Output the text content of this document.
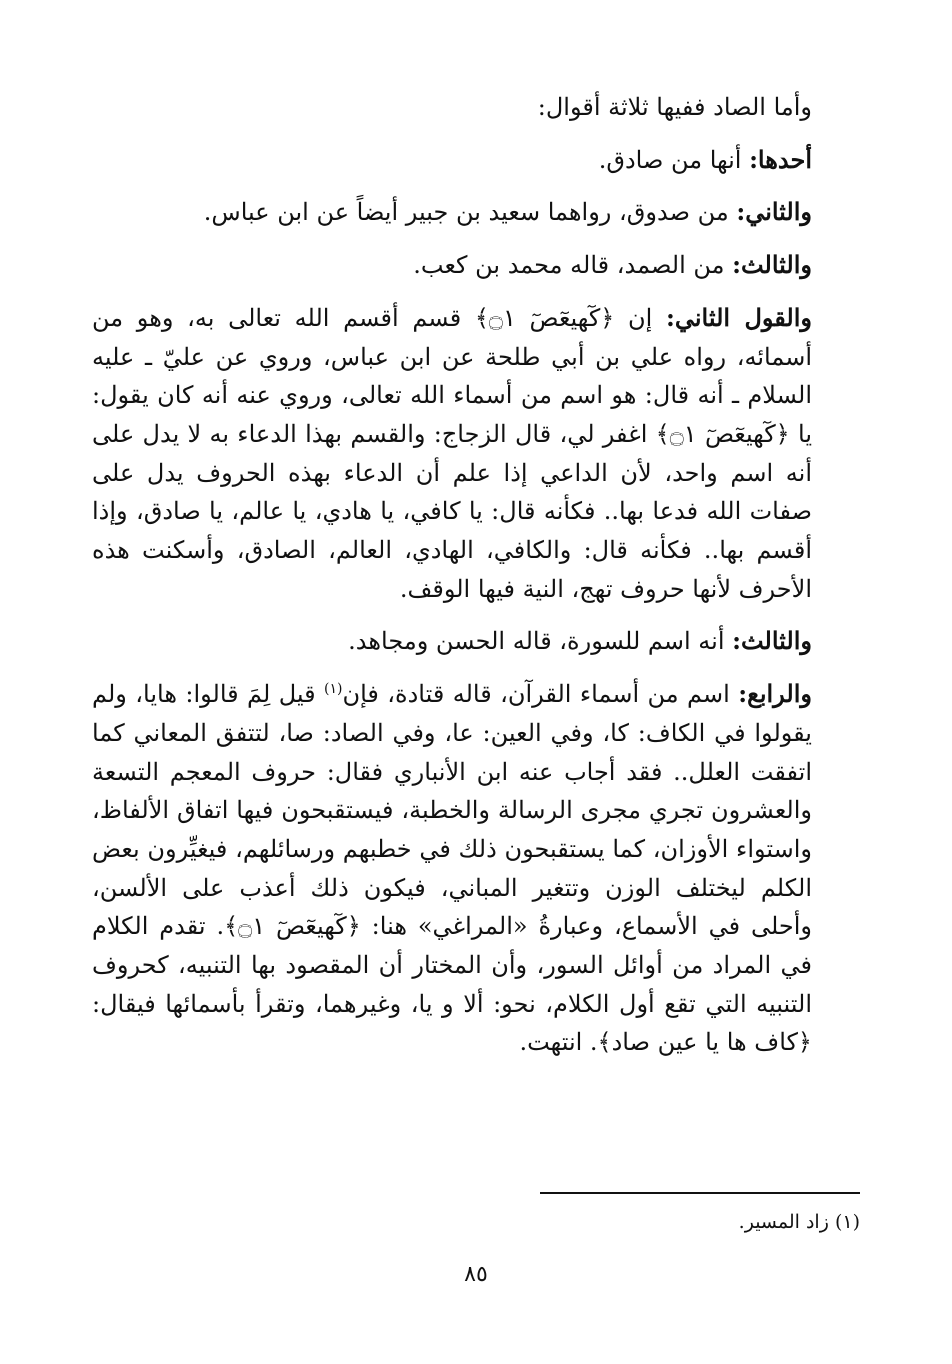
وأما الصاد ففيها ثلاثة أقوال:

أحدها: أنها من صادق.

والثاني: من صدوق، رواهما سعيد بن جبير أيضاً عن ابن عباس.

والثالث: من الصمد، قاله محمد بن كعب.

والقول الثاني: إن ﴿كٓهيعٓصٓ ۝١﴾ قسم أقسم الله تعالى به، وهو من أسمائه، رواه علي بن أبي طلحة عن ابن عباس، وروي عن عليّ ـ عليه السلام ـ أنه قال: هو اسم من أسماء الله تعالى، وروي عنه أنه كان يقول: يا ﴿كٓهيعٓصٓ ۝١﴾ اغفر لي، قال الزجاج: والقسم بهذا الدعاء به لا يدل على أنه اسم واحد، لأن الداعي إذا علم أن الدعاء بهذه الحروف يدل على صفات الله فدعا بها.. فكأنه قال: يا كافي، يا هادي، يا عالم، يا صادق، وإذا أقسم بها.. فكأنه قال: والكافي، الهادي، العالم، الصادق، وأسكنت هذه الأحرف لأنها حروف تهج، النية فيها الوقف.

والثالث: أنه اسم للسورة، قاله الحسن ومجاهد.

والرابع: اسم من أسماء القرآن، قاله قتادة، فإن$^{(١)}$ قيل لِمَ قالوا: هايا، ولم يقولوا في الكاف: كا، وفي العين: عا، وفي الصاد: صا، لتتفق المعاني كما اتفقت العلل.. فقد أجاب عنه ابن الأنباري فقال: حروف المعجم التسعة والعشرون تجري مجرى الرسالة والخطبة، فيستقبحون فيها اتفاق الألفاظ، واستواء الأوزان، كما يستقبحون ذلك في خطبهم ورسائلهم، فيغيِّرون بعض الكلم ليختلف الوزن وتتغير المباني، فيكون ذلك أعذب على الألسن، وأحلى في الأسماع، وعبارةُ «المراغي» هنا: ﴿كٓهيعٓصٓ ۝١﴾. تقدم الكلام في المراد من أوائل السور، وأن المختار أن المقصود بها التنبيه، كحروف التنبيه التي تقع أول الكلام، نحو: ألا و يا، وغيرهما، وتقرأ بأسمائها فيقال: ﴿كاف ها يا عين صاد﴾. انتهت.

(١) زاد المسير.
٨٥
